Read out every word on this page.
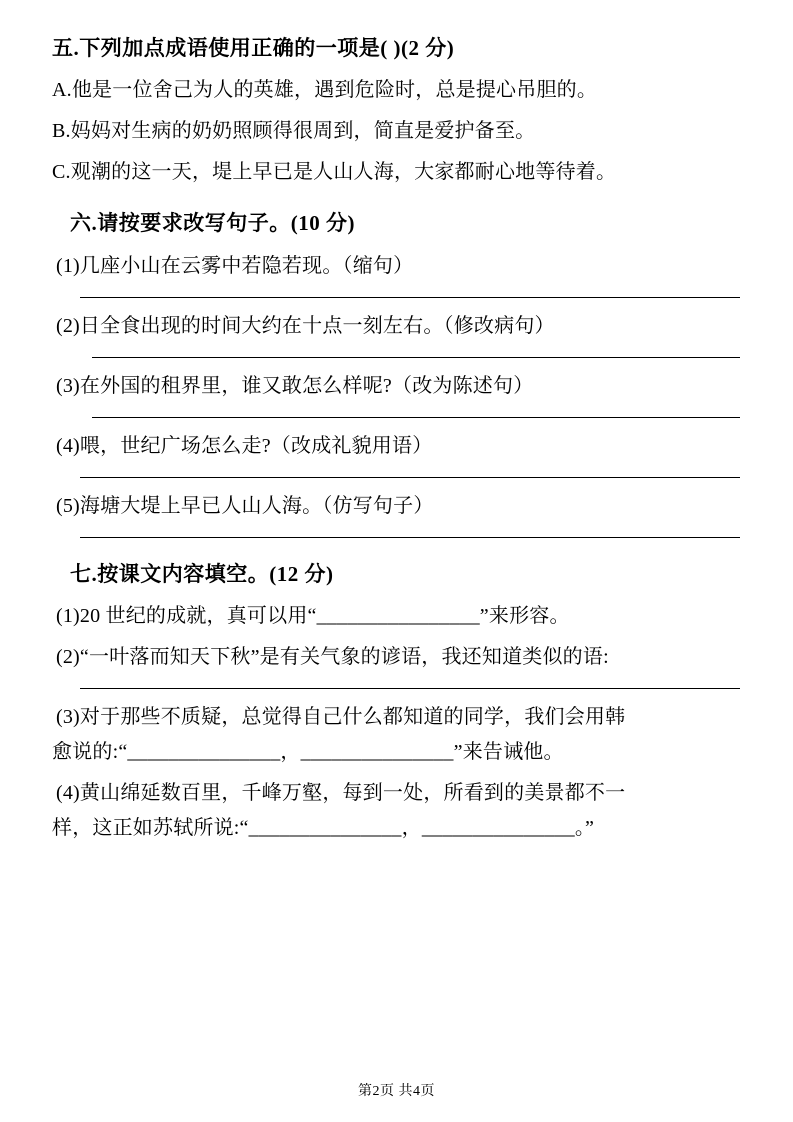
五.下列加点成语使用正确的一项是( )(2 分)

A.他是一位舍己为人的英雄，遇到危险时，总是提心吊胆的。

B.妈妈对生病的奶奶照顾得很周到，简直是爱护备至。

C.观潮的这一天，堤上早已是人山人海，大家都耐心地等待着。

六.请按要求改写句子。(10 分)

(1)几座小山在云雾中若隐若现。（缩句）

(2)日全食出现的时间大约在十点一刻左右。（修改病句）

(3)在外国的租界里，谁又敢怎么样呢?（改为陈述句）

(4)喂，世纪广场怎么走?（改成礼貌用语）

(5)海塘大堤上早已人山人海。（仿写句子）

七.按课文内容填空。(12 分)

(1)20 世纪的成就，真可以用“________________”来形容。

(2)“一叶落而知天下秋”是有关气象的谚语，我还知道类似的语:

(3)对于那些不质疑，总觉得自己什么都知道的同学，我们会用韩

愈说的:“_______________，_______________”来告诫他。

(4)黄山绵延数百里，千峰万壑，每到一处，所看到的美景都不一

样，这正如苏轼所说:“_______________，_______________。”

第2页 共4页
